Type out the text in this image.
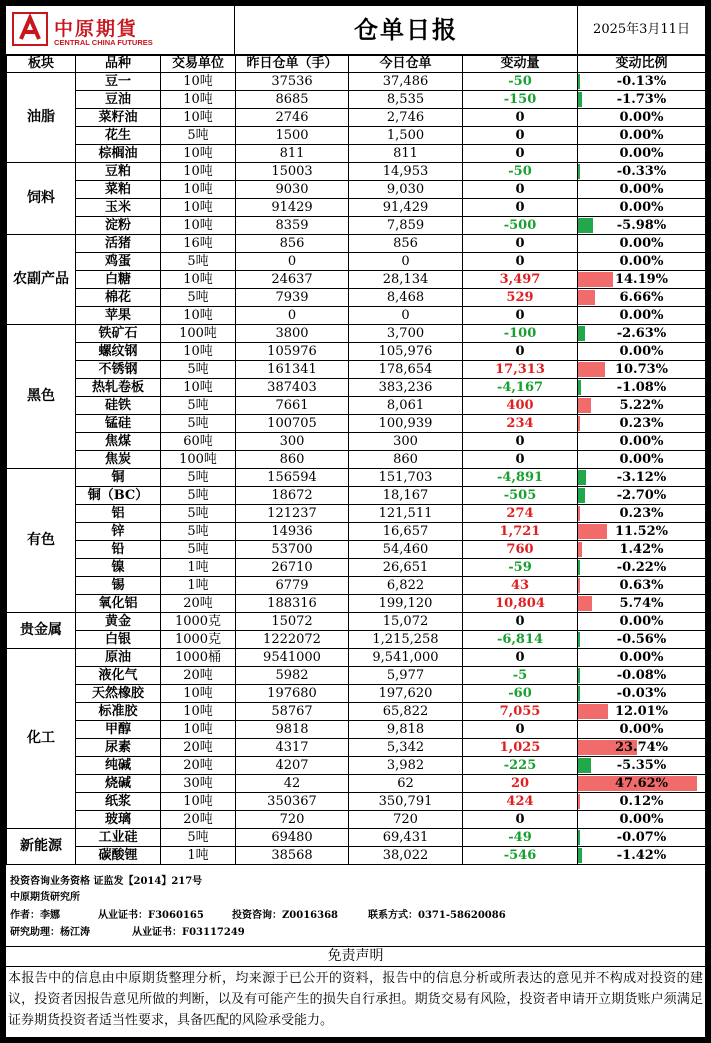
中原期貨
CENTRAL CHINA FUTURES	仓单日报	2025年3月11日
板块	品种	交易单位	昨日仓单（手）	今日仓单	变动量	变动比例
油脂	豆一	10吨	37536	37,486	-50	-0.13%
	豆油	10吨	8685	8,535	-150	-1.73%
	菜籽油	10吨	2746	2,746	0	0.00%
	花生	5吨	1500	1,500	0	0.00%
	棕榈油	10吨	811	811	0	0.00%
饲料	豆粕	10吨	15003	14,953	-50	-0.33%
	菜粕	10吨	9030	9,030	0	0.00%
	玉米	10吨	91429	91,429	0	0.00%
	淀粉	10吨	8359	7,859	-500	-5.98%
农副产品	活猪	16吨	856	856	0	0.00%
	鸡蛋	5吨	0	0	0	0.00%
	白糖	10吨	24637	28,134	3,497	14.19%
	棉花	5吨	7939	8,468	529	6.66%
	苹果	10吨	0	0	0	0.00%
黑色	铁矿石	100吨	3800	3,700	-100	-2.63%
	螺纹钢	10吨	105976	105,976	0	0.00%
	不锈钢	5吨	161341	178,654	17,313	10.73%
	热轧卷板	10吨	387403	383,236	-4,167	-1.08%
	硅铁	5吨	7661	8,061	400	5.22%
	锰硅	5吨	100705	100,939	234	0.23%
	焦煤	60吨	300	300	0	0.00%
	焦炭	100吨	860	860	0	0.00%
有色	铜	5吨	156594	151,703	-4,891	-3.12%
	铜（BC）	5吨	18672	18,167	-505	-2.70%
	铝	5吨	121237	121,511	274	0.23%
	锌	5吨	14936	16,657	1,721	11.52%
	铅	5吨	53700	54,460	760	1.42%
	镍	1吨	26710	26,651	-59	-0.22%
	锡	1吨	6779	6,822	43	0.63%
	氧化铝	20吨	188316	199,120	10,804	5.74%
贵金属	黄金	1000克	15072	15,072	0	0.00%
	白银	1000克	1222072	1,215,258	-6,814	-0.56%
化工	原油	1000桶	9541000	9,541,000	0	0.00%
	液化气	20吨	5982	5,977	-5	-0.08%
	天然橡胶	10吨	197680	197,620	-60	-0.03%
	标准胶	10吨	58767	65,822	7,055	12.01%
	甲醇	10吨	9818	9,818	0	0.00%
	尿素	20吨	4317	5,342	1,025	23.74%
	纯碱	20吨	4207	3,982	-225	-5.35%
	烧碱	30吨	42	62	20	47.62%
	纸浆	10吨	350367	350,791	424	0.12%
	玻璃	20吨	720	720	0	0.00%
新能源	工业硅	5吨	69480	69,431	-49	-0.07%
	碳酸锂	1吨	38568	38,022	-546	-1.42%
投资咨询业务资格 证监发【2014】217号
中原期货研究所
作者：李娜	从业证书：F3060165	投资咨询：Z0016368	联系方式：0371-58620086
研究助理：杨江涛	从业证书：F03117249
免责声明
本报告中的信息由中原期货整理分析，均来源于已公开的资料，报告中的信息分析或所表达的意见并不构成对投资的建议，投资者因报告意见所做的判断，以及有可能产生的损失自行承担。期货交易有风险，投资者申请开立期货账户须满足证券期货投资者适当性要求，具备匹配的风险承受能力。
